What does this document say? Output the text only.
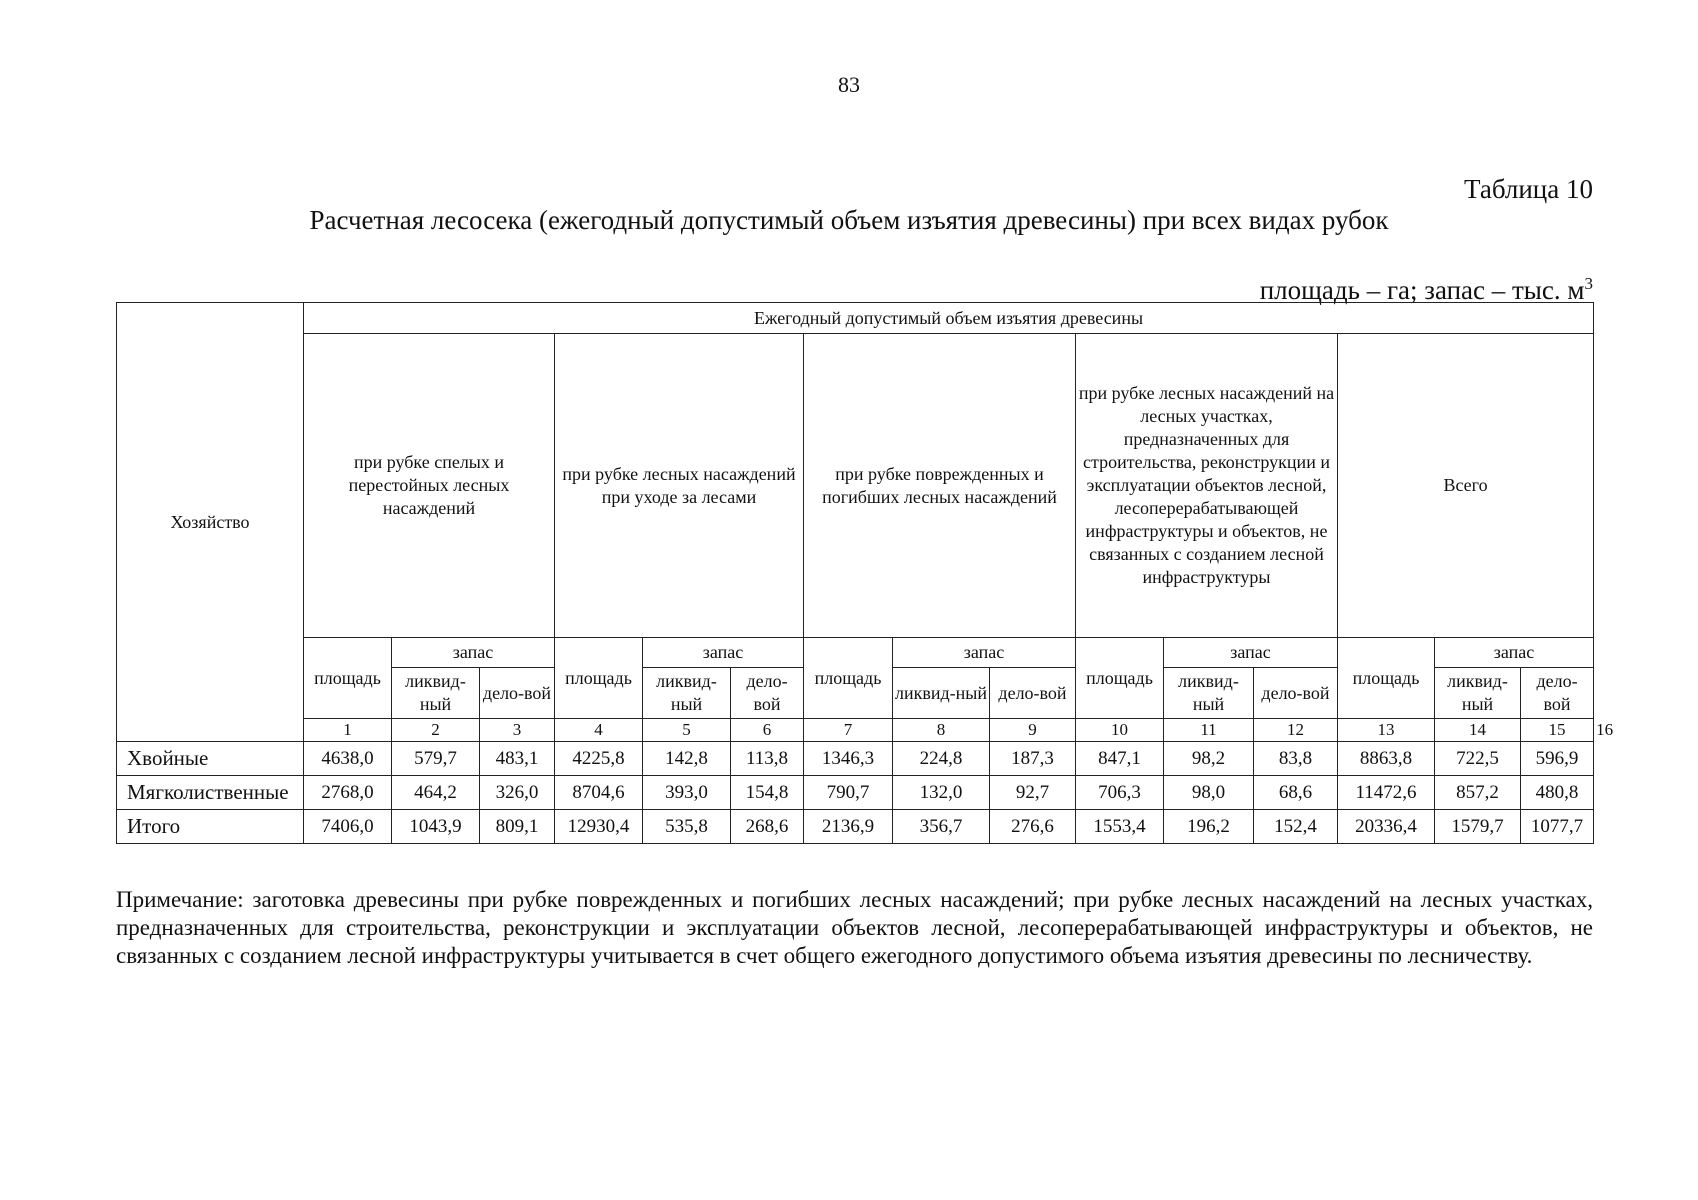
83
Таблица 10
Расчетная лесосека (ежегодный допустимый объем изъятия древесины) при всех видах рубок
площадь – га; запас – тыс. $м^3$
Хозяйство	Ежегодный допустимый объем изъятия древесины															
	при рубке спелых и перестойных лесных насаждений			при рубке лесных насаждений при уходе за лесами			при рубке поврежденных и погибших лесных насаждений			при рубке лесных насаждений на лесных участках, предназначенных для строительства, реконструкции и эксплуатации объектов лесной, лесоперерабатывающей инфраструктуры и объектов, не связанных с созданием лесной инфраструктуры			Всего			
	площадь	запас		площадь	запас		площадь	запас		площадь	запас		площадь	запас		
		ликвид-ный	дело-вой		ликвид-ный	дело-вой		ликвид-ный	дело-вой		ликвид-ный	дело-вой		ликвид-ный	дело-вой	
	1	2	3	4	5	6	7	8	9	10	11	12	13	14	15	16
Хвойные	4638,0	579,7	483,1	4225,8	142,8	113,8	1346,3	224,8	187,3	847,1	98,2	83,8	8863,8	722,5	596,9	
Мягколиственные	2768,0	464,2	326,0	8704,6	393,0	154,8	790,7	132,0	92,7	706,3	98,0	68,6	11472,6	857,2	480,8	
Итого	7406,0	1043,9	809,1	12930,4	535,8	268,6	2136,9	356,7	276,6	1553,4	196,2	152,4	20336,4	1579,7	1077,7	
Примечание: заготовка древесины при рубке поврежденных и погибших лесных насаждений; при рубке лесных насаждений на лесных участках, предназначенных для строительства, реконструкции и эксплуатации объектов лесной, лесоперерабатывающей инфраструктуры и объектов, не связанных с созданием лесной инфраструктуры учитывается в счет общего ежегодного допустимого объема изъятия древесины по лесничеству.
